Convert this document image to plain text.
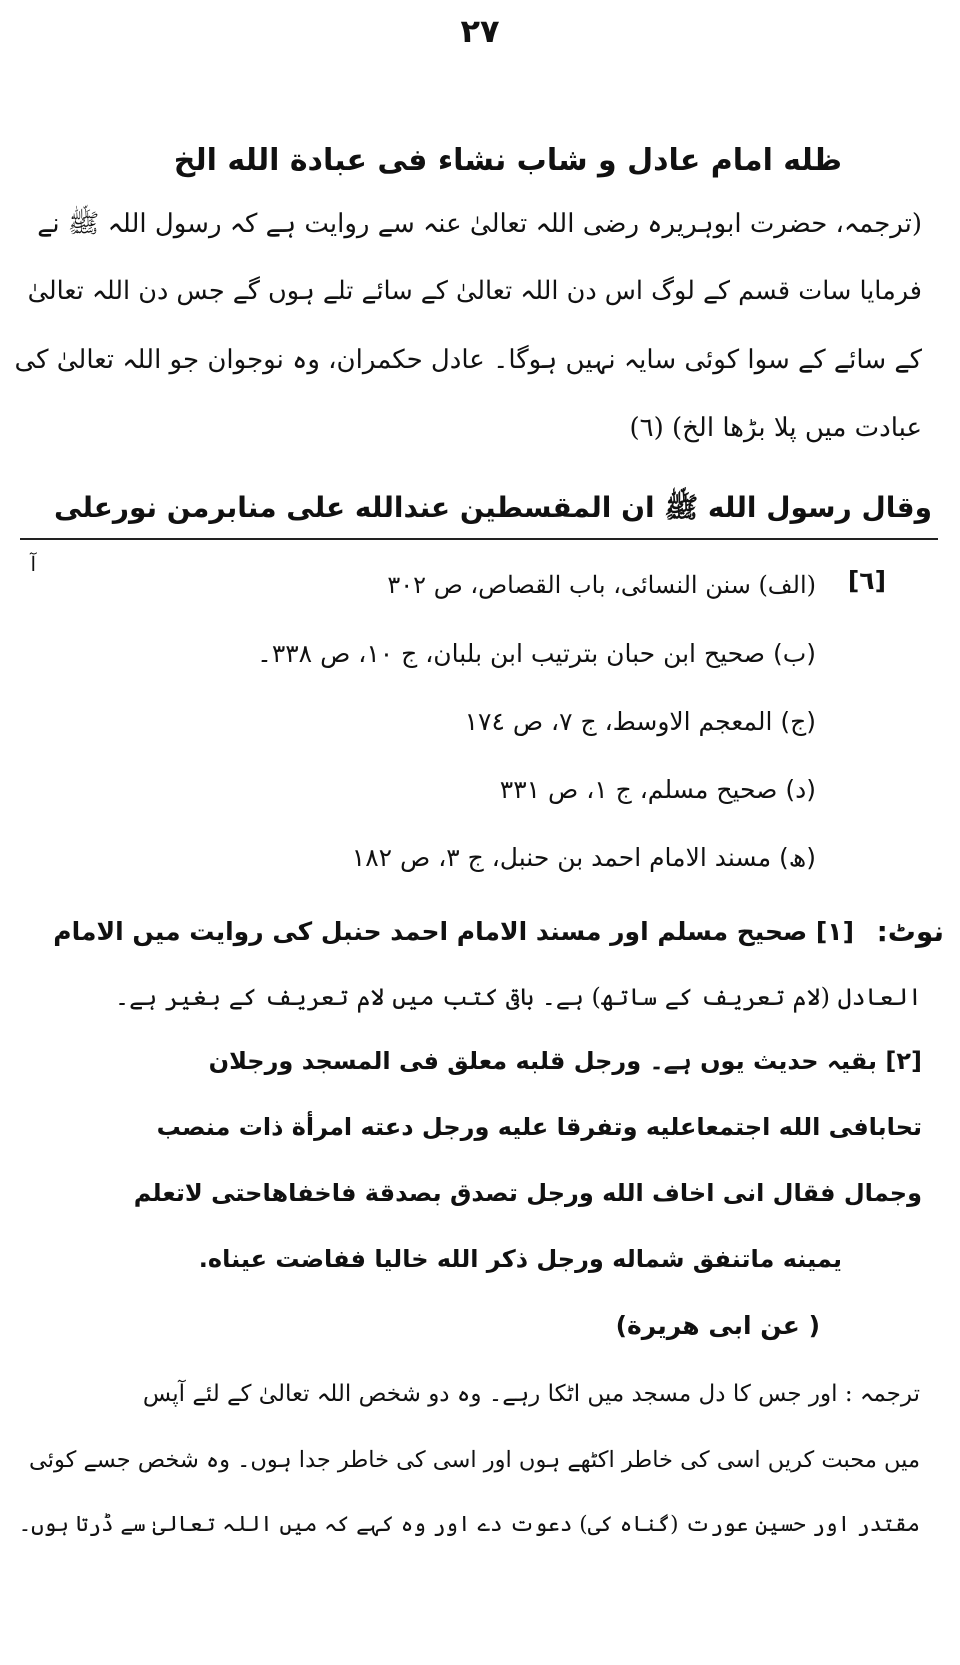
۲۷
ظله امام عادل و شاب نشاء فی عبادة الله الخ
(ترجمہ، حضرت ابوہریرہ رضی اللہ تعالیٰ عنہ سے روایت ہے کہ رسول اللہ ﷺ نے
فرمایا سات قسم کے لوگ اس دن اللہ تعالیٰ کے سائے تلے ہوں گے جس دن اللہ تعالیٰ
کے سائے کے سوا کوئی سایہ نہیں ہوگا۔ عادل حکمران، وہ نوجوان جو اللہ تعالیٰ کی
عبادت میں پلا بڑھا الخ) (٦)
وقال رسول الله ﷺ ان المقسطين عندالله على منابرمن نورعلى
آ
[٦]
(الف) سنن النسائی، باب القصاص، ص ٣٠٢
(ب) صحيح ابن حبان بترتيب ابن بلبان، ج ١٠، ص ٣٣٨۔
(ج) المعجم الاوسط، ج ٧، ص ١٧٤
(د) صحيح مسلم، ج ١، ص ٣٣١
(ھ) مسند الامام احمد بن حنبل، ج ٣، ص ١٨٢
نوٹ:
[١] صحيح مسلم اور مسند الامام احمد حنبل کی روایت میں الامام
العادل (لام تعریف کے ساتھ) ہے۔ باقی کتب میں لام تعریف کے بغیر ہے۔
[٢] بقیہ حدیث یوں ہے۔ ورجل قلبه معلق فی المسجد ورجلان
تحابافی الله اجتمعاعليه وتفرقا عليه ورجل دعته امرأة ذات منصب
وجمال فقال انی اخاف الله ورجل تصدق بصدقة فاخفاهاحتى لاتعلم
يمينه ماتنفق شماله ورجل ذكر الله خاليا ففاضت عيناه.
( عن ابی هريرة)
ترجمہ : اور جس کا دل مسجد میں اٹکا رہے۔ وہ دو شخص اللہ تعالیٰ کے لئے آپس
میں محبت کریں اسی کی خاطر اکٹھے ہوں اور اسی کی خاطر جدا ہوں۔ وہ شخص جسے کوئی
مقتدر اور حسین عورت (گناہ کی) دعوت دے اور وہ کہے کہ میں اللہ تعالیٰ سے ڈرتا ہوں۔
